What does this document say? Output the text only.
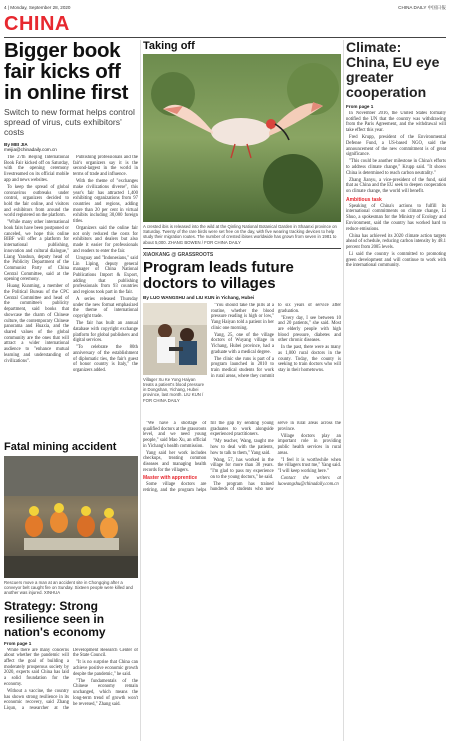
4 | Monday, September 28, 2020	CHINA DAILY 中国日报
CHINA
Bigger book fair kicks off in online first
Switch to new format helps control spread of virus, cuts exhibitors' costs
By MEI JIA
meijia@chinadaily.com.cn

The 27th Beijing International Book Fair kicked off on Saturday, with the opening ceremony livestreamed on its official mobile app and news websites.

To keep the spread of global coronavirus outbreaks under control, organizers decided to hold the fair online, and visitors and exhibitors from around the world registered on the platform.

"While many other international book fairs have been postponed or canceled, we hope this online BIBF will offer a platform for international publishing, innovation and cultural dialogue," Liang Yanshun, deputy head of the Publicity Department of the Communist Party of China Central Committee, said at the opening ceremony.

Huang Kunming, a member of the Political Bureau of the CPC Central Committee and head of the committee's publicity department, said books that showcase the charm of Chinese culture, the contemporary Chinese panorama and Huaxia, and the shared values of the global community are the ones that will attract a wider international audience to "enhance mutual learning and understanding of civilizations".

Publishing professionals and the fair's organizers say it is the second-largest in the world in terms of trade and influence.

With the theme of "exchanges make civilizations diverse", this year's fair has attracted 1,400 exhibiting organizations from 97 countries and regions, adding more than 20 per cent in virtual exhibits including 30,000 foreign titles.

Organizers said the online fair not only reduced the costs for exhibitors and dealers but also made it easier for professionals and readers to enter the fair.

Uruguay and "Indonesians," said Lin Liping, deputy general manager of China National Publications Import & Export, adding that publishing professionals from 93 countries and regions took part in the fair.

A series released Thursday under the new format emphasized the theme of international copyright trade.

The fair has built an annual database with copyright exchange platform for global publishers and digital services.

"To celebrate the 80th anniversary of the establishment of diplomatic ties, the fair's guest of honor country is Italy," the organizers added.

Fatal mining accident
Rescuers move a man at an accident site in Chongqing after a conveyor belt caught fire on Sunday. Sixteen people were killed and another was injured. XINHUA
Strategy: Strong resilience seen in nation's economy
From page 1

While there are many concerns about whether the pandemic will affect the goal of building a moderately prosperous society by 2020, experts said China has laid a solid foundation for the economy.

Without a vaccine, the country has shown strong resilience in its economic recovery, said Zhang Liqun, a researcher at the Development Research Center of the State Council.

"It is no surprise that China can achieve positive economic growth despite the pandemic," he said.

"The fundamentals of the Chinese economy remain unchanged, which means the long-term trend of growth won't be reversed," Zhang said.

Taking off
A crested ibis is released into the wild at the Qinling National Botanical Garden in Shaanxi province on Saturday. Twenty of the rare birds were set free on the day, with five wearing tracking devices to help study their migration routes. The number of crested ibises worldwide has grown from seven in 1981 to about 5,000. ZHANG BOWEN / FOR CHINA DAILY
XIAOKANG @ GRASSROOTS
Program leads future doctors to villages
By LUO WANGSHU and LIU KUN in Yichang, Hubei
Villager Xu Ke Yong Haiyan treats a patient's blood pressure in Dongshan, Yichang, Hubei province, last month. LIU KUN / FOR CHINA DAILY

"You should take the pills at a routine, whether the blood pressure reading is high or low," Yang Haiyan told a patient in her clinic one morning.

Yang, 25, one of the village doctors of Wuyang village in Yichang, Hubei province, had a graduate with a medical degree.

The clinic she runs is part of a program launched in 2010 to train medical students for work in rural areas, where they commit to six years of service after graduation.

"Every day, I see between 10 and 20 patients," she said. Most are elderly people with high blood pressure, diabetes and other chronic diseases.

In the past, there were as many as 1,000 rural doctors in the county. Today, the county is seeking to train doctors who will stay in their hometowns.

"We have a shortage of qualified doctors at the grassroots level, and we need young people," said Mao Xu, an official in Yichang's health commission.

Yang said her work includes checkups, treating common diseases and managing health records for the villagers.

Master with apprentice

Some village doctors are retiring, and the program helps fill the gap by sending young graduates to work alongside experienced practitioners.

"My teacher, Wang, taught me how to deal with the patients, how to talk to them," Yang said.

Wang, 57, has worked in the village for more than 30 years. "I'm glad to pass my experience on to the young doctors," he said.

The program has trained hundreds of students who now serve in rural areas across the province.

Village doctors play an important role in providing public health services in rural areas.

"I feel it is worthwhile when the villagers trust me," Yang said. "I will keep working here."

Contact the writers at luowangshu@chinadaily.com.cn

Climate: China, EU eye greater cooperation
From page 1

In November 2016, the United States formally notified the UN that the country was withdrawing from the Paris Agreement, and the withdrawal will take effect this year.

Fred Krupp, president of the Environmental Defense Fund, a US-based NGO, said the announcement of the new commitment is of great significance.

"This could be another milestone in China's efforts to address climate change," Krupp said. "It shows China is determined to reach carbon neutrality."

Zhang Jianyu, a vice-president of the fund, said that as China and the EU seek to deepen cooperation on climate change, the world will benefit.

Ambitious task

Speaking of China's actions to fulfill its international commitments on climate change, Li Shuo, a spokesman for the Ministry of Ecology and Environment, said the country has worked hard to reduce emissions.

China has achieved its 2020 climate action targets ahead of schedule, reducing carbon intensity by 48.1 percent from 2005 levels.

Li said the country is committed to promoting green development and will continue to work with the international community.
